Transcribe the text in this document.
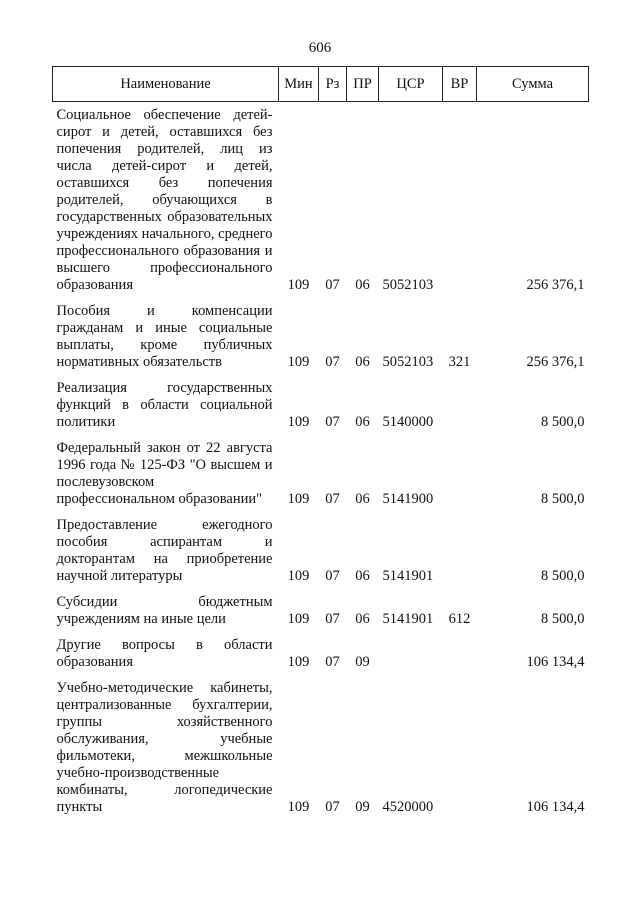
606
Наименование	Мин	Рз	ПР	ЦСР	ВР	Сумма

Социальное обеспечение детей-сирот и детей, оставшихся без попечения родителей, лиц из числа детей-сирот и детей, оставшихся без попечения родителей, обучающихся в государственных образовательных учреждениях начального, среднего профессионального образования и высшего профессионального образования	109	07	06	5052103		256 376,1

Пособия и компенсации гражданам и иные социальные выплаты, кроме публичных нормативных обязательств	109	07	06	5052103	321	256 376,1

Реализация государственных функций в области социальной политики	109	07	06	5140000		8 500,0

Федеральный закон от 22 августа 1996 года № 125-ФЗ "О высшем и послевузовском профессиональном образовании"	109	07	06	5141900		8 500,0

Предоставление ежегодного пособия аспирантам и докторантам на приобретение научной литературы	109	07	06	5141901		8 500,0

Субсидии бюджетным учреждениям на иные цели	109	07	06	5141901	612	8 500,0

Другие вопросы в области образования	109	07	09			106 134,4

Учебно-методические кабинеты, централизованные бухгалтерии, группы хозяйственного обслуживания, учебные фильмотеки, межшкольные учебно-производственные комбинаты, логопедические пункты	109	07	09	4520000		106 134,4
